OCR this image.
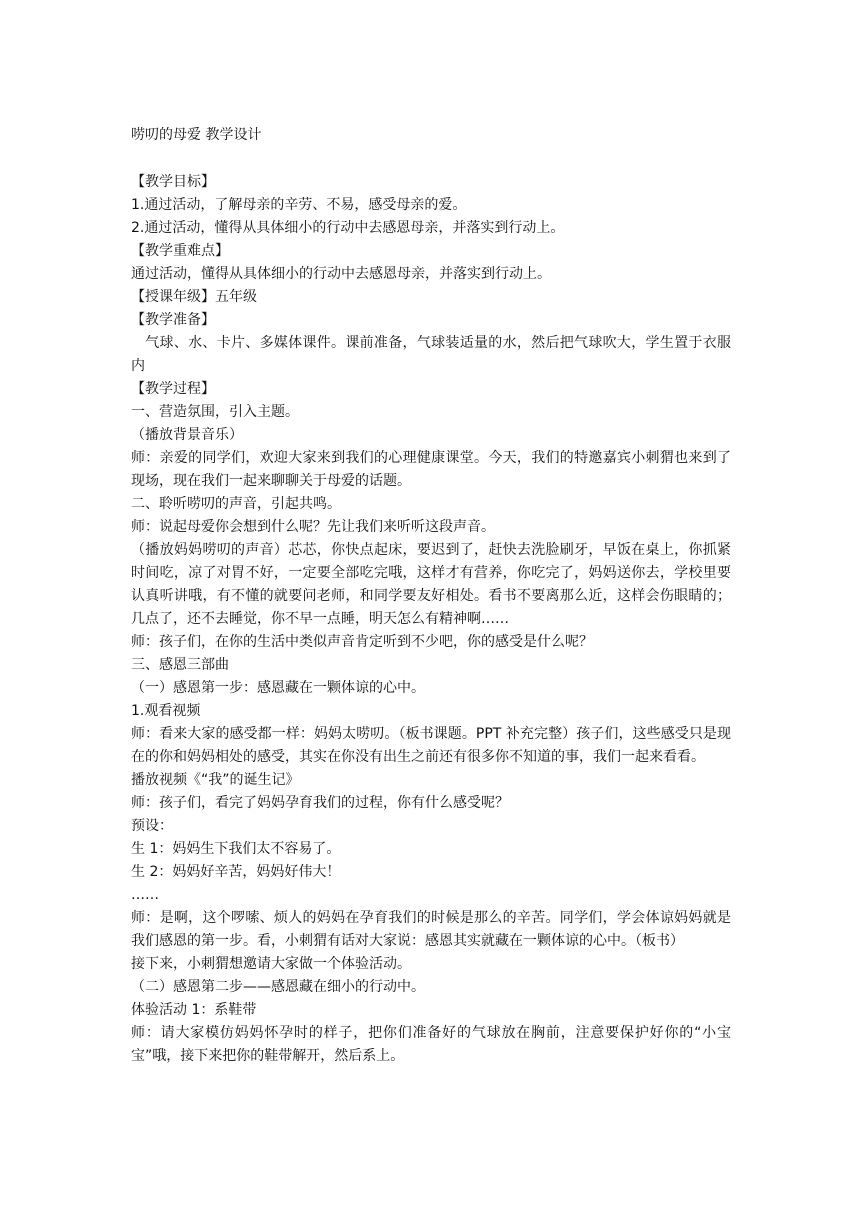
唠叨的母爱 教学设计
【教学目标】
1.通过活动，了解母亲的辛劳、不易，感受母亲的爱。
2.通过活动，懂得从具体细小的行动中去感恩母亲，并落实到行动上。
【教学重难点】
通过活动，懂得从具体细小的行动中去感恩母亲，并落实到行动上。
【授课年级】五年级
【教学准备】
气球、水、卡片、多媒体课件。课前准备，气球装适量的水，然后把气球吹大，学生置于衣服内
【教学过程】
一、营造氛围，引入主题。
（播放背景音乐）
师：亲爱的同学们，欢迎大家来到我们的心理健康课堂。今天，我们的特邀嘉宾小刺猬也来到了现场，现在我们一起来聊聊关于母爱的话题。
二、聆听唠叨的声音，引起共鸣。
师：说起母爱你会想到什么呢？先让我们来听听这段声音。
（播放妈妈唠叨的声音）芯芯，你快点起床，要迟到了，赶快去洗脸刷牙，早饭在桌上，你抓紧时间吃，凉了对胃不好，一定要全部吃完哦，这样才有营养，你吃完了，妈妈送你去，学校里要认真听讲哦，有不懂的就要问老师，和同学要友好相处。看书不要离那么近，这样会伤眼睛的；几点了，还不去睡觉，你不早一点睡，明天怎么有精神啊……
师：孩子们，在你的生活中类似声音肯定听到不少吧，你的感受是什么呢？
三、感恩三部曲
（一）感恩第一步：感恩藏在一颗体谅的心中。
1.观看视频
师：看来大家的感受都一样：妈妈太唠叨。（板书课题。PPT 补充完整）孩子们，这些感受只是现在的你和妈妈相处的感受，其实在你没有出生之前还有很多你不知道的事，我们一起来看看。
播放视频《“我”的诞生记》
师：孩子们，看完了妈妈孕育我们的过程，你有什么感受呢？
预设：
生 1：妈妈生下我们太不容易了。
生 2：妈妈好辛苦，妈妈好伟大！
……
师：是啊，这个啰嗦、烦人的妈妈在孕育我们的时候是那么的辛苦。同学们，学会体谅妈妈就是我们感恩的第一步。看，小刺猬有话对大家说：感恩其实就藏在一颗体谅的心中。（板书）
接下来，小刺猬想邀请大家做一个体验活动。
（二）感恩第二步——感恩藏在细小的行动中。
体验活动 1：系鞋带
师：请大家模仿妈妈怀孕时的样子，把你们准备好的气球放在胸前，注意要保护好你的“小宝宝”哦，接下来把你的鞋带解开，然后系上。
